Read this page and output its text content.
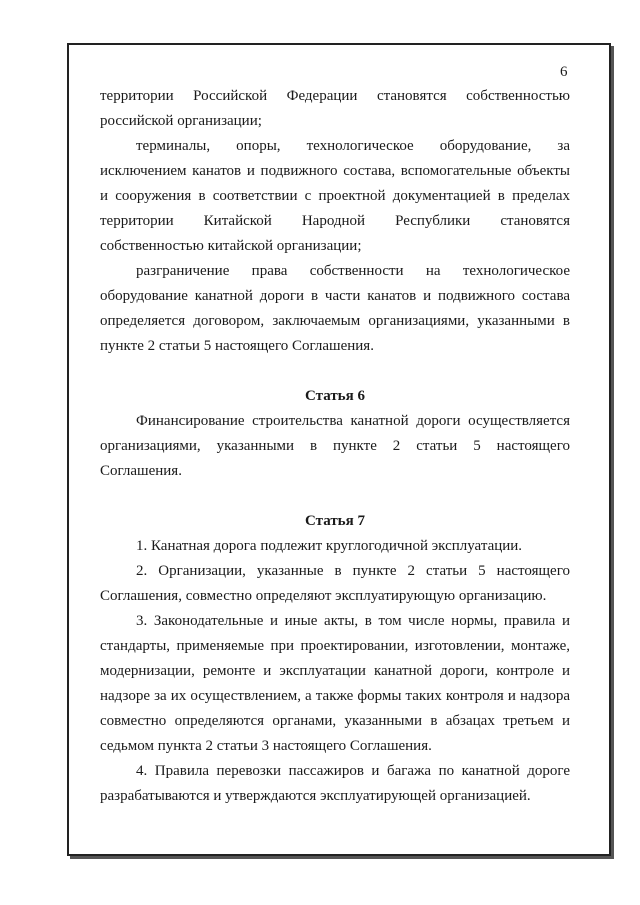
6

территории Российской Федерации становятся собственностью российской организации;

терминалы, опоры, технологическое оборудование, за исключением канатов и подвижного состава, вспомогательные объекты и сооружения в соответствии с проектной документацией в пределах территории Китайской Народной Республики становятся собственностью китайской организации;

разграничение права собственности на технологическое оборудование канатной дороги в части канатов и подвижного состава определяется договором, заключаемым организациями, указанными в пункте 2 статьи 5 настоящего Соглашения.

Статья 6

Финансирование строительства канатной дороги осуществляется организациями, указанными в пункте 2 статьи 5 настоящего Соглашения.

Статья 7

1. Канатная дорога подлежит круглогодичной эксплуатации.

2. Организации, указанные в пункте 2 статьи 5 настоящего Соглашения, совместно определяют эксплуатирующую организацию.

3. Законодательные и иные акты, в том числе нормы, правила и стандарты, применяемые при проектировании, изготовлении, монтаже, модернизации, ремонте и эксплуатации канатной дороги, контроле и надзоре за их осуществлением, а также формы таких контроля и надзора совместно определяются органами, указанными в абзацах третьем и седьмом пункта 2 статьи 3 настоящего Соглашения.

4. Правила перевозки пассажиров и багажа по канатной дороге разрабатываются и утверждаются эксплуатирующей организацией.
